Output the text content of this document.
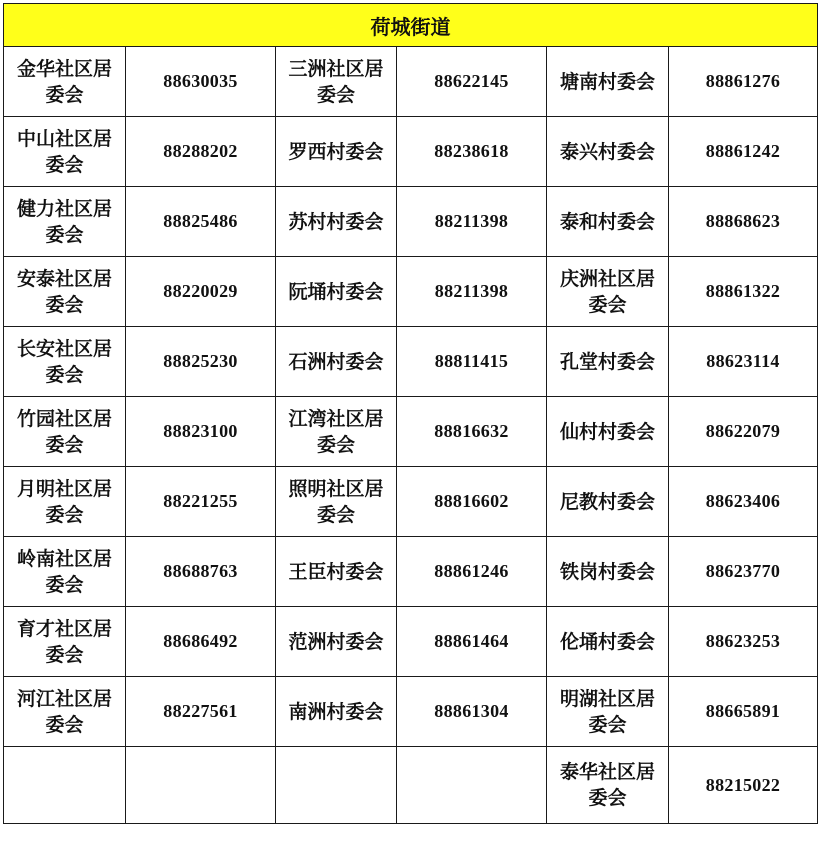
荷城街道					
金华社区居委会	88630035	三洲社区居委会	88622145	塘南村委会	88861276
中山社区居委会	88288202	罗西村委会	88238618	泰兴村委会	88861242
健力社区居委会	88825486	苏村村委会	88211398	泰和村委会	88868623
安泰社区居委会	88220029	阮埇村委会	88211398	庆洲社区居委会	88861322
长安社区居委会	88825230	石洲村委会	88811415	孔堂村委会	88623114
竹园社区居委会	88823100	江湾社区居委会	88816632	仙村村委会	88622079
月明社区居委会	88221255	照明社区居委会	88816602	尼教村委会	88623406
岭南社区居委会	88688763	王臣村委会	88861246	铁岗村委会	88623770
育才社区居委会	88686492	范洲村委会	88861464	伦埇村委会	88623253
河江社区居委会	88227561	南洲村委会	88861304	明湖社区居委会	88665891
				泰华社区居委会	88215022
